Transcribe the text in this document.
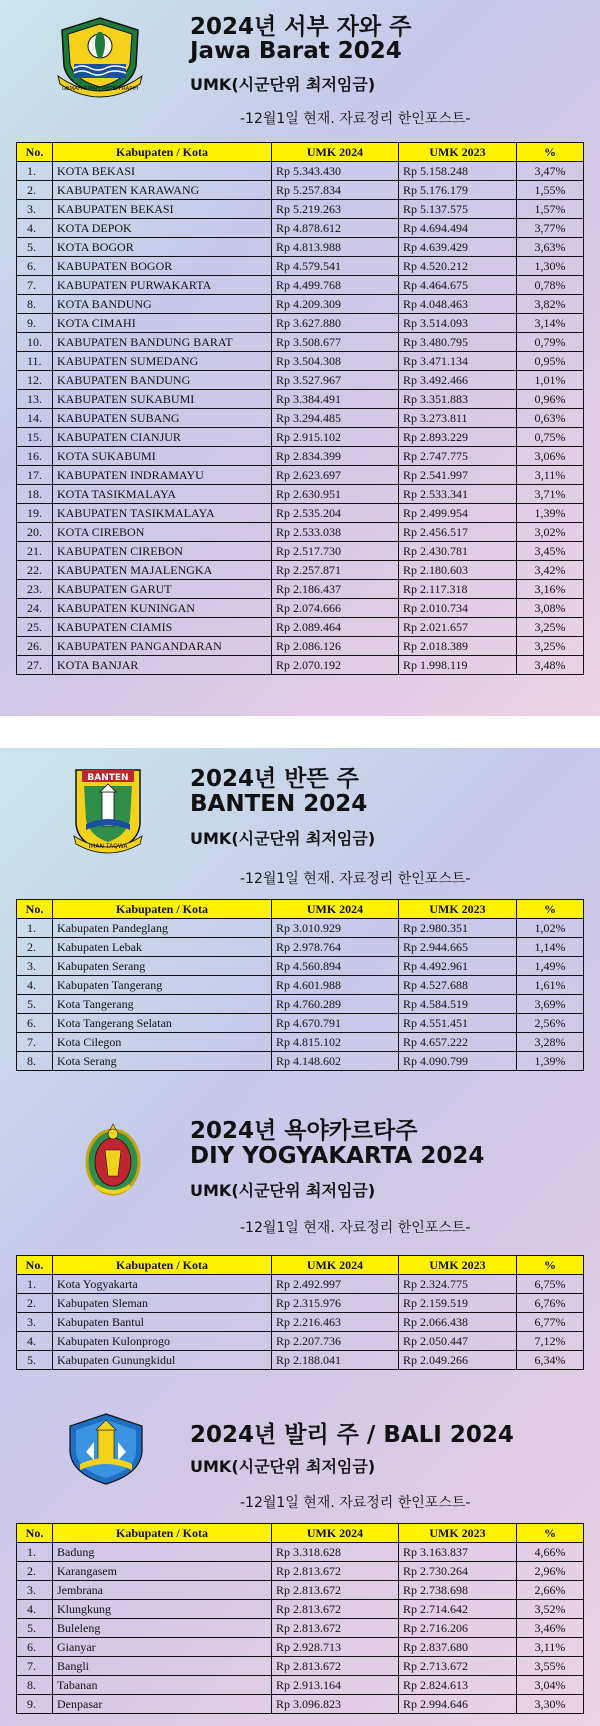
GEMAH RIPAH REPEH RAPIH
2024년 서부 자와 주
Jawa Barat 2024
UMK(시군단위 최저임금)
-12월1일 현재. 자료정리 한인포스트-
No.	Kabupaten / Kota	UMK 2024	UMK 2023	%
1.	KOTA BEKASI	Rp 5.343.430	Rp 5.158.248	3,47%
2.	KABUPATEN KARAWANG	Rp 5.257.834	Rp 5.176.179	1,55%
3.	KABUPATEN BEKASI	Rp 5.219.263	Rp 5.137.575	1,57%
4.	KOTA DEPOK	Rp 4.878.612	Rp 4.694.494	3,77%
5.	KOTA BOGOR	Rp 4.813.988	Rp 4.639.429	3,63%
6.	KABUPATEN BOGOR	Rp 4.579.541	Rp 4.520.212	1,30%
7.	KABUPATEN PURWAKARTA	Rp 4.499.768	Rp 4.464.675	0,78%
8.	KOTA BANDUNG	Rp 4.209.309	Rp 4.048.463	3,82%
9.	KOTA CIMAHI	Rp 3.627.880	Rp 3.514.093	3,14%
10.	KABUPATEN BANDUNG BARAT	Rp 3.508.677	Rp 3.480.795	0,79%
11.	KABUPATEN SUMEDANG	Rp 3.504.308	Rp 3.471.134	0,95%
12.	KABUPATEN BANDUNG	Rp 3.527.967	Rp 3.492.466	1,01%
13.	KABUPATEN SUKABUMI	Rp 3.384.491	Rp 3.351.883	0,96%
14.	KABUPATEN SUBANG	Rp 3.294.485	Rp 3.273.811	0,63%
15.	KABUPATEN CIANJUR	Rp 2.915.102	Rp 2.893.229	0,75%
16.	KOTA SUKABUMI	Rp 2.834.399	Rp 2.747.775	3,06%
17.	KABUPATEN INDRAMAYU	Rp 2.623.697	Rp 2.541.997	3,11%
18.	KOTA TASIKMALAYA	Rp 2.630.951	Rp 2.533.341	3,71%
19.	KABUPATEN TASIKMALAYA	Rp 2.535.204	Rp 2.499.954	1,39%
20.	KOTA CIREBON	Rp 2.533.038	Rp 2.456.517	3,02%
21.	KABUPATEN CIREBON	Rp 2.517.730	Rp 2.430.781	3,45%
22.	KABUPATEN MAJALENGKA	Rp 2.257.871	Rp 2.180.603	3,42%
23.	KABUPATEN GARUT	Rp 2.186.437	Rp 2.117.318	3,16%
24.	KABUPATEN KUNINGAN	Rp 2.074.666	Rp 2.010.734	3,08%
25.	KABUPATEN CIAMIS	Rp 2.089.464	Rp 2.021.657	3,25%
26.	KABUPATEN PANGANDARAN	Rp 2.086.126	Rp 2.018.389	3,25%
27.	KOTA BANJAR	Rp 2.070.192	Rp 1.998.119	3,48%
BANTEN
IMAN TAQWA
2024년 반뜬 주
BANTEN 2024
UMK(시군단위 최저임금)
-12월1일 현재. 자료정리 한인포스트-
No.	Kabupaten / Kota	UMK 2024	UMK 2023	%
1.	Kabupaten Pandeglang	Rp 3.010.929	Rp 2.980.351	1,02%
2.	Kabupaten Lebak	Rp 2.978.764	Rp 2.944.665	1,14%
3.	Kabupaten Serang	Rp 4.560.894	Rp 4.492.961	1,49%
4.	Kabupaten Tangerang	Rp 4.601.988	Rp 4.527.688	1,61%
5.	Kota Tangerang	Rp 4.760.289	Rp 4.584.519	3,69%
6.	Kota Tangerang Selatan	Rp 4.670.791	Rp 4.551.451	2,56%
7.	Kota Cilegon	Rp 4.815.102	Rp 4.657.222	3,28%
8.	Kota Serang	Rp 4.148.602	Rp 4.090.799	1,39%
2024년 욕야카르타주
DIY YOGYAKARTA 2024
UMK(시군단위 최저임금)
-12월1일 현재. 자료정리 한인포스트-
No.	Kabupaten / Kota	UMK 2024	UMK 2023	%
1.	Kota Yogyakarta	Rp 2.492.997	Rp 2.324.775	6,75%
2.	Kabupaten Sleman	Rp 2.315.976	Rp 2.159.519	6,76%
3.	Kabupaten Bantul	Rp 2.216.463	Rp 2.066.438	6,77%
4.	Kabupaten Kulonprogo	Rp 2.207.736	Rp 2.050.447	7,12%
5.	Kabupaten Gunungkidul	Rp 2.188.041	Rp 2.049.266	6,34%
2024년 발리 주 / BALI 2024
UMK(시군단위 최저임금)
-12월1일 현재. 자료정리 한인포스트-
No.	Kabupaten / Kota	UMK 2024	UMK 2023	%
1.	Badung	Rp 3.318.628	Rp 3.163.837	4,66%
2.	Karangasem	Rp 2.813.672	Rp 2.730.264	2,96%
3.	Jembrana	Rp 2.813.672	Rp 2.738.698	2,66%
4.	Klungkung	Rp 2.813.672	Rp 2.714.642	3,52%
5.	Buleleng	Rp 2.813.672	Rp 2.716.206	3,46%
6.	Gianyar	Rp 2.928.713	Rp 2.837.680	3,11%
7.	Bangli	Rp 2.813.672	Rp 2.713.672	3,55%
8.	Tabanan	Rp 2.913.164	Rp 2.824.613	3,04%
9.	Denpasar	Rp 3.096.823	Rp 2.994.646	3,30%
